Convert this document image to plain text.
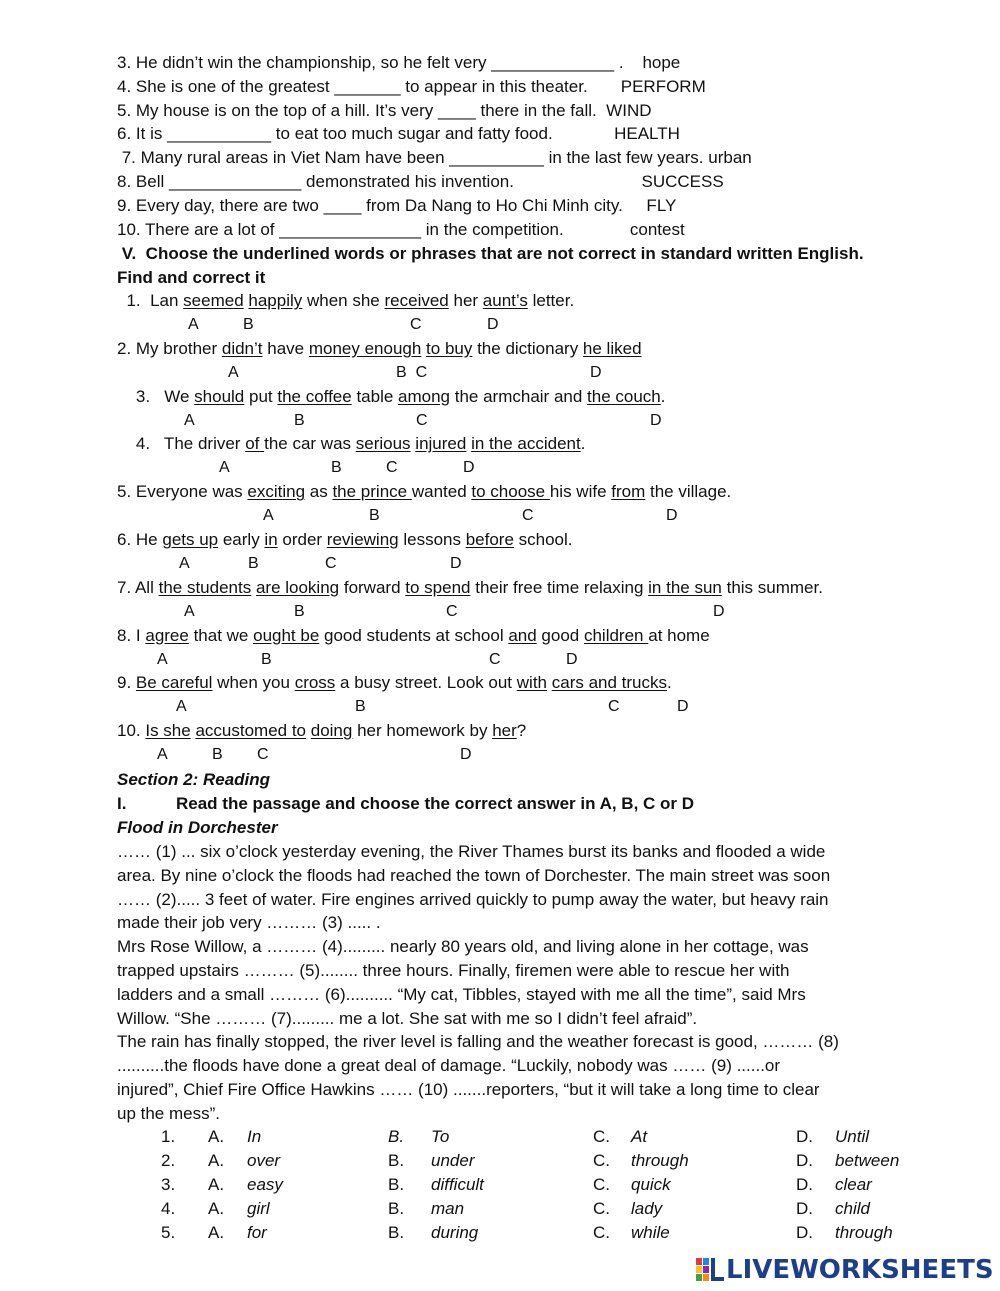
3. He didn’t win the championship, so he felt very _____________ .    hope
4. She is one of the greatest _______ to appear in this theater.       PERFORM
5. My house is on the top of a hill. It’s very ____ there in the fall.  WIND
6. It is ___________ to eat too much sugar and fatty food.             HEALTH
7. Many rural areas in Viet Nam have been __________ in the last few years. urban
8. Bell ______________ demonstrated his invention.                           SUCCESS
9. Every day, there are two ____ from Da Nang to Ho Chi Minh city.     FLY
10. There are a lot of _______________ in the competition.              contest
V.  Choose the underlined words or phrases that are not correct in standard written English.
Find and correct it
1.  Lan seemed happily when she received her aunt’s letter.
A	B	C	D
2. My brother didn’t have money enough to buy the dictionary he liked
A	B  C	D
3.   We should put the coffee table among the armchair and the couch.
A	B	C	D
4.   The driver of the car was serious injured in the accident.
A	B	C	D
5. Everyone was exciting as the prince wanted to choose his wife from the village.
A	B	C	D
6. He gets up early in order reviewing lessons before school.
A	B	C	D
7. All the students are looking forward to spend their free time relaxing in the sun this summer.
A	B	C	D
8. I agree that we ought be good students at school and good children at home
A	B	C	D
9. Be careful when you cross a busy street. Look out with cars and trucks.
A	B	C	D
10. Is she accustomed to doing her homework by her?
A	B C	D
Section 2: Reading
I.	Read the passage and choose the correct answer in A, B, C or D
Flood in Dorchester
…… (1) ... six o’clock yesterday evening, the River Thames burst its banks and flooded a wide
area. By nine o’clock the floods had reached the town of Dorchester. The main street was soon
…… (2)..... 3 feet of water. Fire engines arrived quickly to pump away the water, but heavy rain
made their job very ……… (3) ..... .
Mrs Rose Willow, a ……… (4)......... nearly 80 years old, and living alone in her cottage, was
trapped upstairs ……… (5)........ three hours. Finally, firemen were able to rescue her with
ladders and a small ……… (6).......... “My cat, Tibbles, stayed with me all the time”, said Mrs
Willow. “She ……… (7)......... me a lot. She sat with me so I didn’t feel afraid”.
The rain has finally stopped, the river level is falling and the weather forecast is good, ……… (8)
..........the floods have done a great deal of damage. “Luckily, nobody was …… (9) ......or
injured”, Chief Fire Office Hawkins …… (10) .......reporters, “but it will take a long time to clear
up the mess”.
1. A. In	B. To	C. At	D. Until
2. A. over	B. under	C. through	D. between
3. A. easy	B. difficult	C. quick	D. clear
4. A. girl	B. man	C. lady	D. child
5. A. for	B. during	C. while	D. through
LIVEWORKSHEETS
